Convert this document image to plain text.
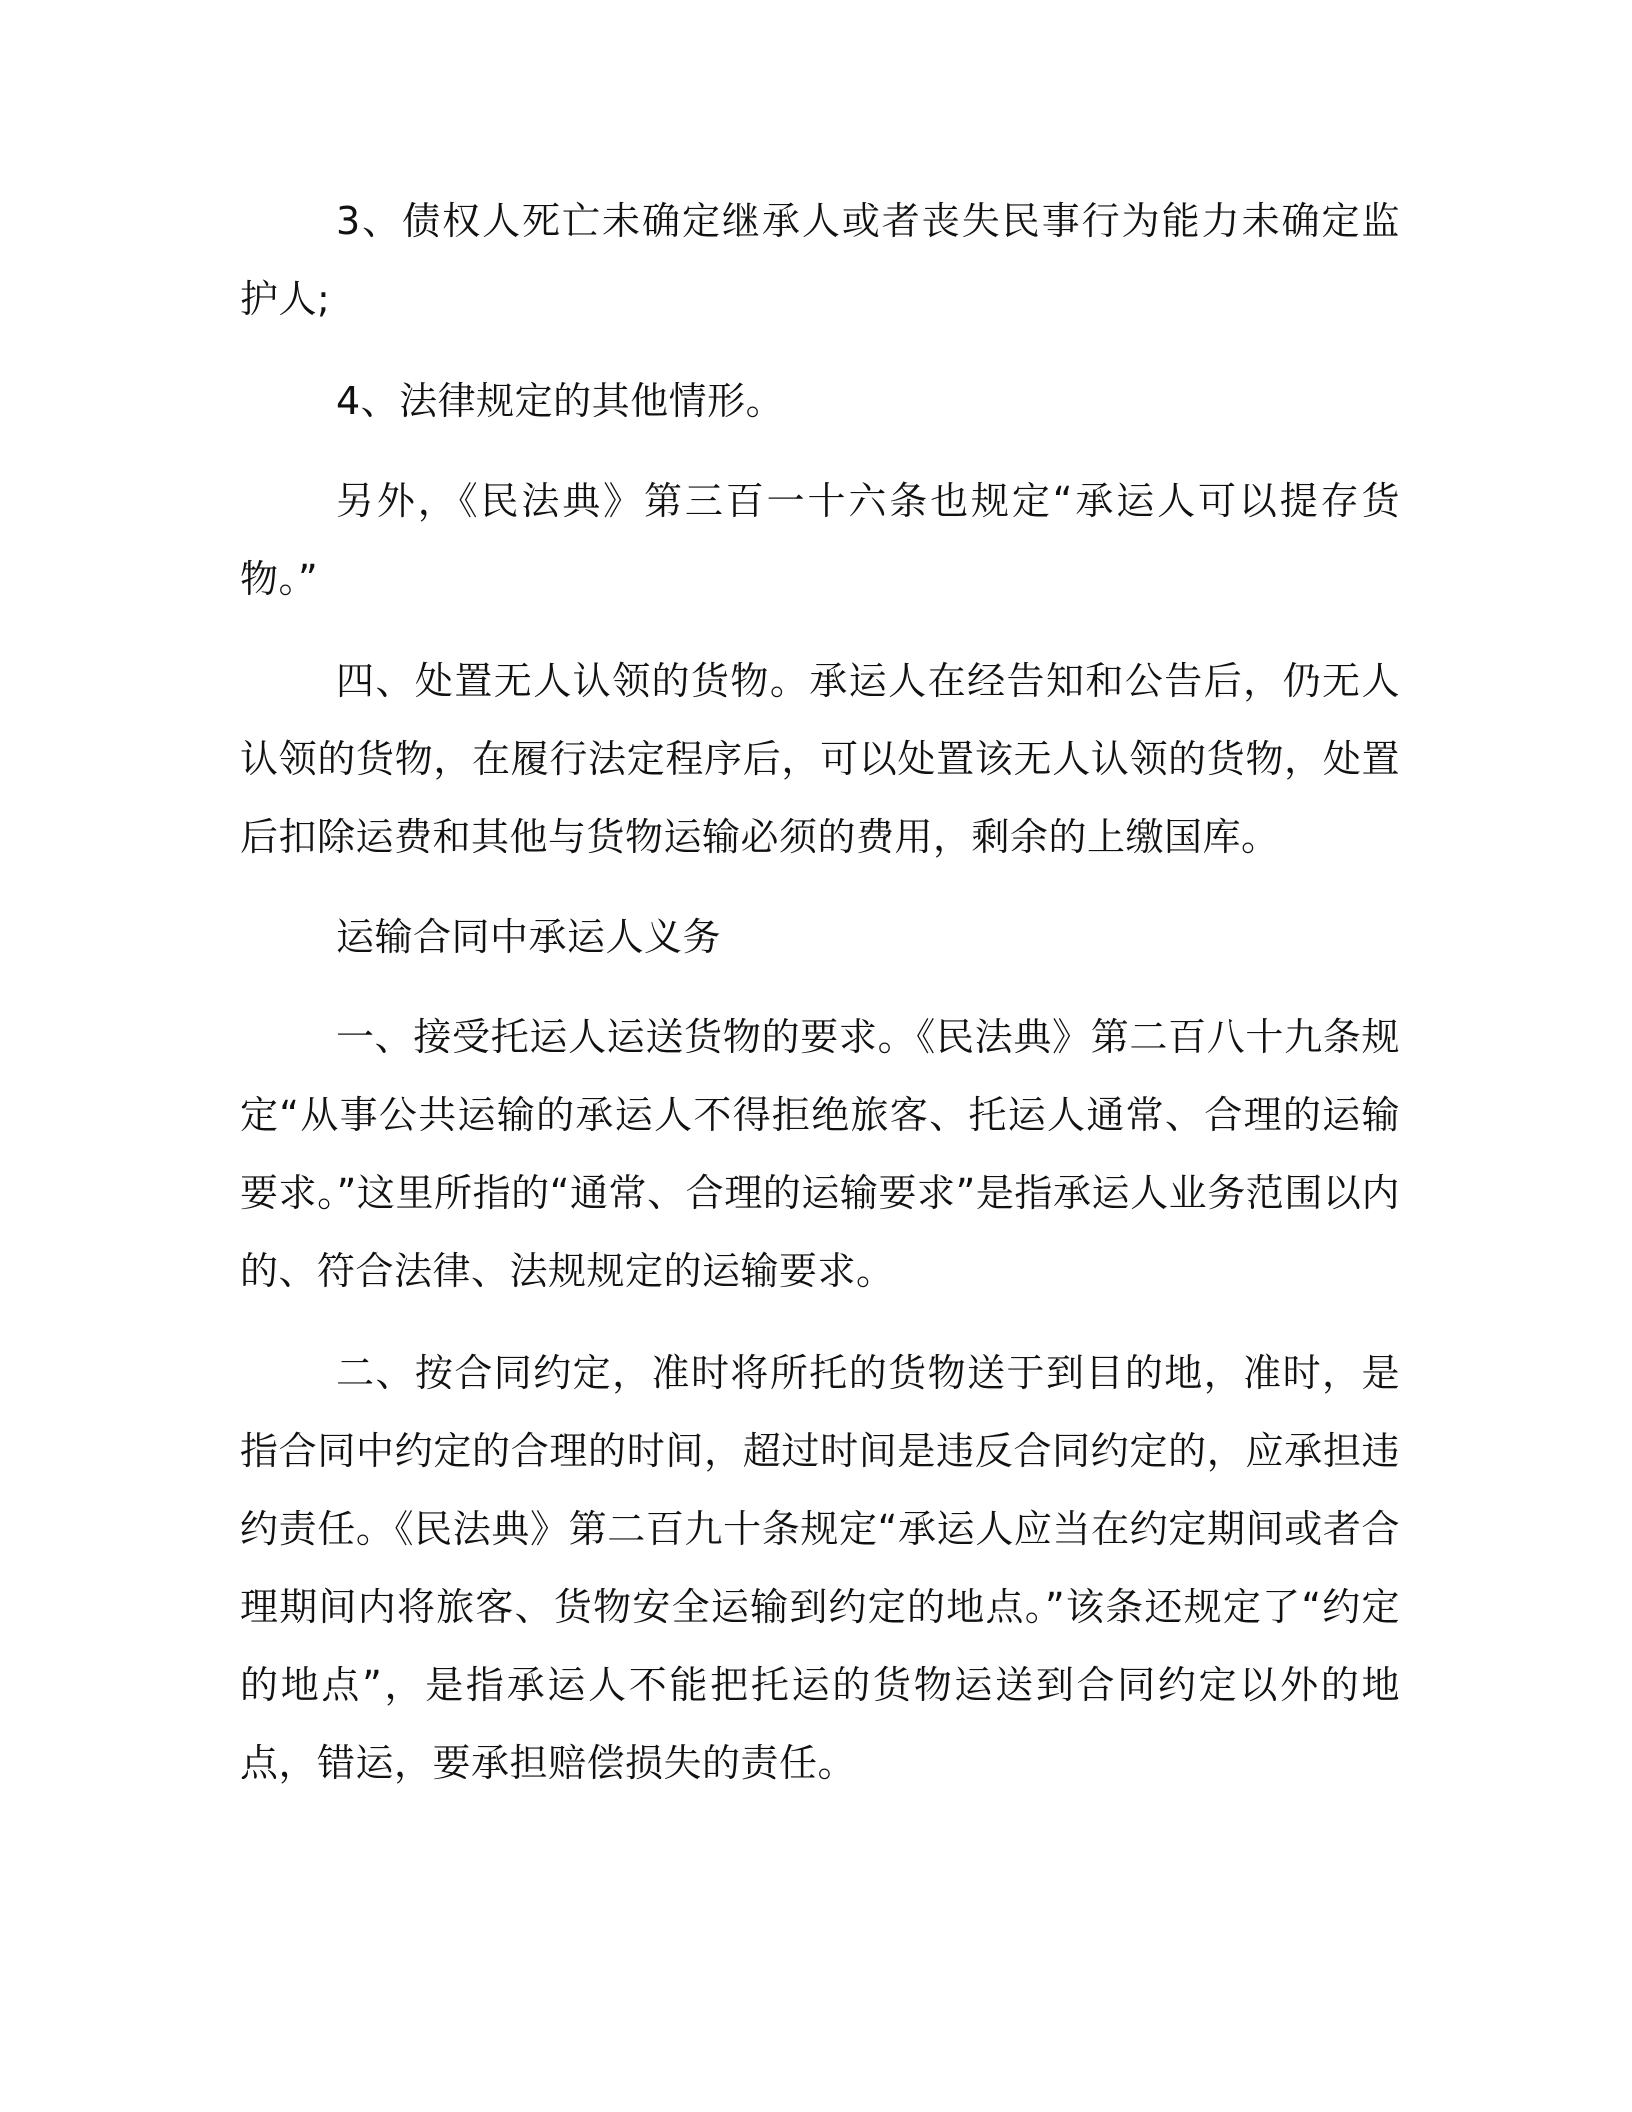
3、债权人死亡未确定继承人或者丧失民事行为能力未确定监护人;

4、法律规定的其他情形。

另外，《民法典》第三百一十六条也规定“承运人可以提存货物。”

四、处置无人认领的货物。承运人在经告知和公告后，仍无人认领的货物，在履行法定程序后，可以处置该无人认领的货物，处置后扣除运费和其他与货物运输必须的费用，剩余的上缴国库。

运输合同中承运人义务

一、接受托运人运送货物的要求。《民法典》第二百八十九条规定“从事公共运输的承运人不得拒绝旅客、托运人通常、合理的运输要求。”这里所指的“通常、合理的运输要求”是指承运人业务范围以内的、符合法律、法规规定的运输要求。

二、按合同约定，准时将所托的货物送于到目的地，准时，是指合同中约定的合理的时间，超过时间是违反合同约定的，应承担违约责任。《民法典》第二百九十条规定“承运人应当在约定期间或者合理期间内将旅客、货物安全运输到约定的地点。”该条还规定了“约定的地点”，是指承运人不能把托运的货物运送到合同约定以外的地点，错运，要承担赔偿损失的责任。
